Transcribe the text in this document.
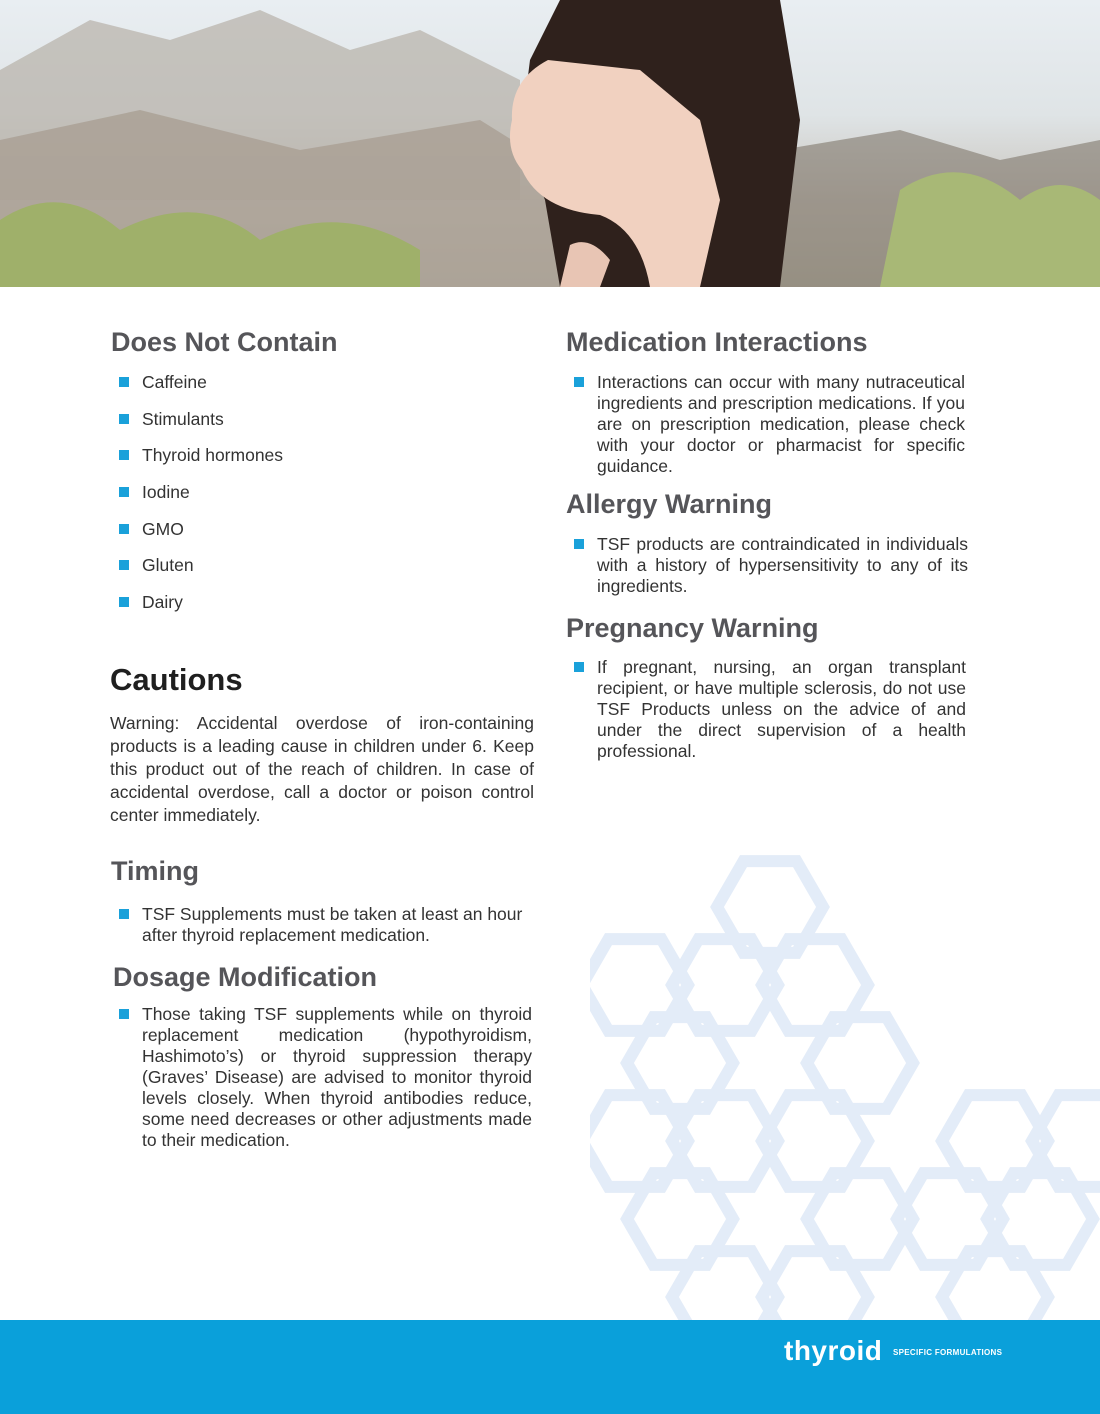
Does Not Contain
Caffeine
Stimulants
Thyroid hormones
Iodine
GMO
Gluten
Dairy
Cautions

Warning: Accidental overdose of iron-containing products is a leading cause in children under 6. Keep this product out of the reach of children. In case of accidental overdose, call a doctor or poison control center immediately.

Timing
TSF Supplements must be taken at least an hour after thyroid replacement medication.
Dosage Modification
Those taking TSF supplements while on thyroid replacement medication (hypothyroidism, Hashimoto’s) or thyroid suppression therapy (Graves’ Disease) are advised to monitor thyroid levels closely. When thyroid antibodies reduce, some need decreases or other adjustments made to their medication.
Medication Interactions
Interactions can occur with many nutraceutical ingredients and prescription medications. If you are on prescription medication, please check with your doctor or pharmacist for specific guidance.
Allergy Warning
TSF products are contraindicated in individuals with a history of hypersensitivity to any of its ingredients.
Pregnancy Warning
If pregnant, nursing, an organ transplant recipient, or have multiple sclerosis, do not use TSF Products unless on the advice of and under the direct supervision of a health professional.
thyroid SPECIFIC FORMULATIONS
